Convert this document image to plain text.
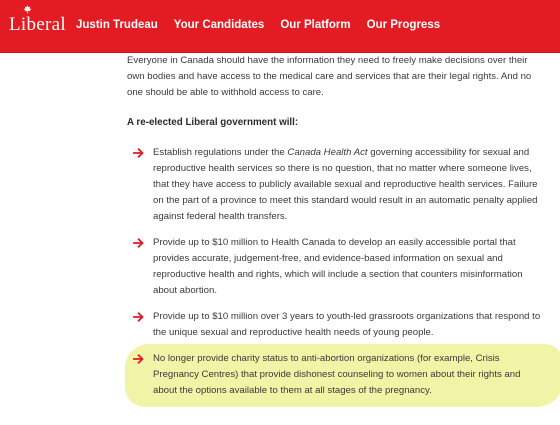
Liberal Justin Trudeau Your Candidates Our Platform Our Progress

Everyone in Canada should have the information they need to freely make decisions over their own bodies and have access to the medical care and services that are their legal rights. And no one should be able to withhold access to care.

A re-elected Liberal government will:

Establish regulations under the Canada Health Act governing accessibility for sexual and reproductive health services so there is no question, that no matter where someone lives, that they have access to publicly available sexual and reproductive health services. Failure on the part of a province to meet this standard would result in an automatic penalty applied against federal health transfers.
Provide up to $10 million to Health Canada to develop an easily accessible portal that provides accurate, judgement-free, and evidence-based information on sexual and reproductive health and rights, which will include a section that counters misinformation about abortion.
Provide up to $10 million over 3 years to youth-led grassroots organizations that respond to the unique sexual and reproductive health needs of young people.
No longer provide charity status to anti-abortion organizations (for example, Crisis Pregnancy Centres) that provide dishonest counseling to women about their rights and about the options available to them at all stages of the pregnancy.
